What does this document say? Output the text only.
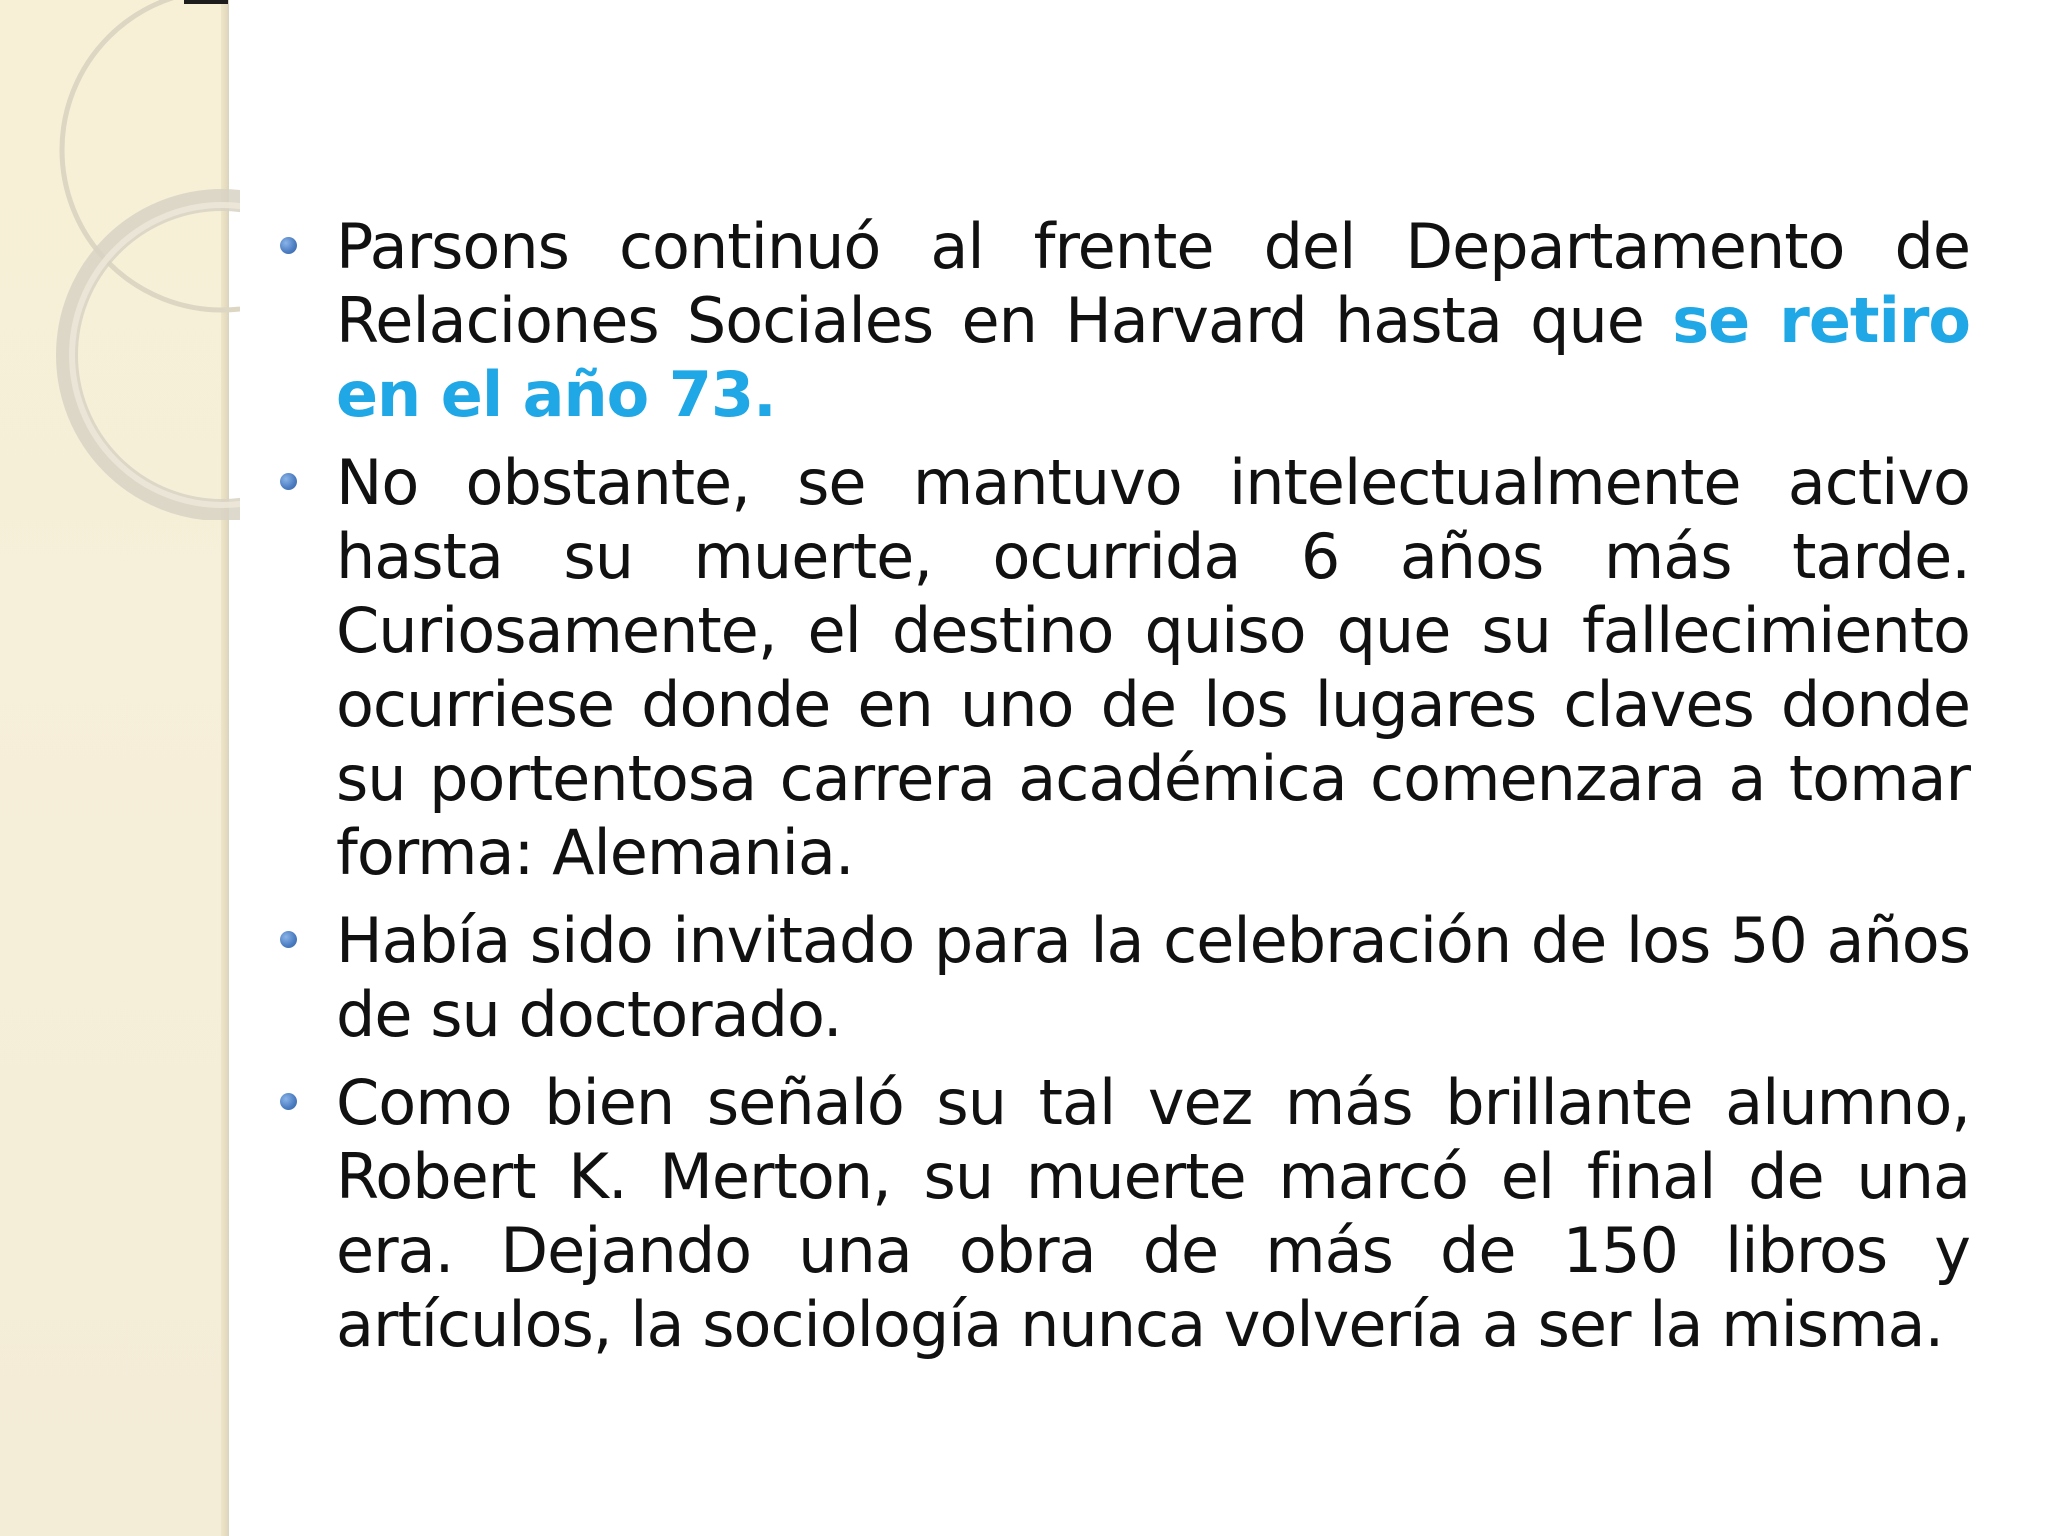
Parsons continuó al frente del Departamento de Relaciones Sociales en Harvard hasta que se retiro en el año 73.
No obstante, se mantuvo intelectualmente activo hasta su muerte, ocurrida 6 años más tarde. Curiosamente, el destino quiso que su fallecimiento ocurriese donde en uno de los lugares claves donde su portentosa carrera académica comenzara a tomar forma: Alemania.
Había sido invitado para la celebración de los 50 años de su doctorado.
Como bien señaló su tal vez más brillante alumno, Robert K. Merton, su muerte marcó el final de una era. Dejando una obra de más de 150 libros y artículos, la sociología nunca volvería a ser la misma.
